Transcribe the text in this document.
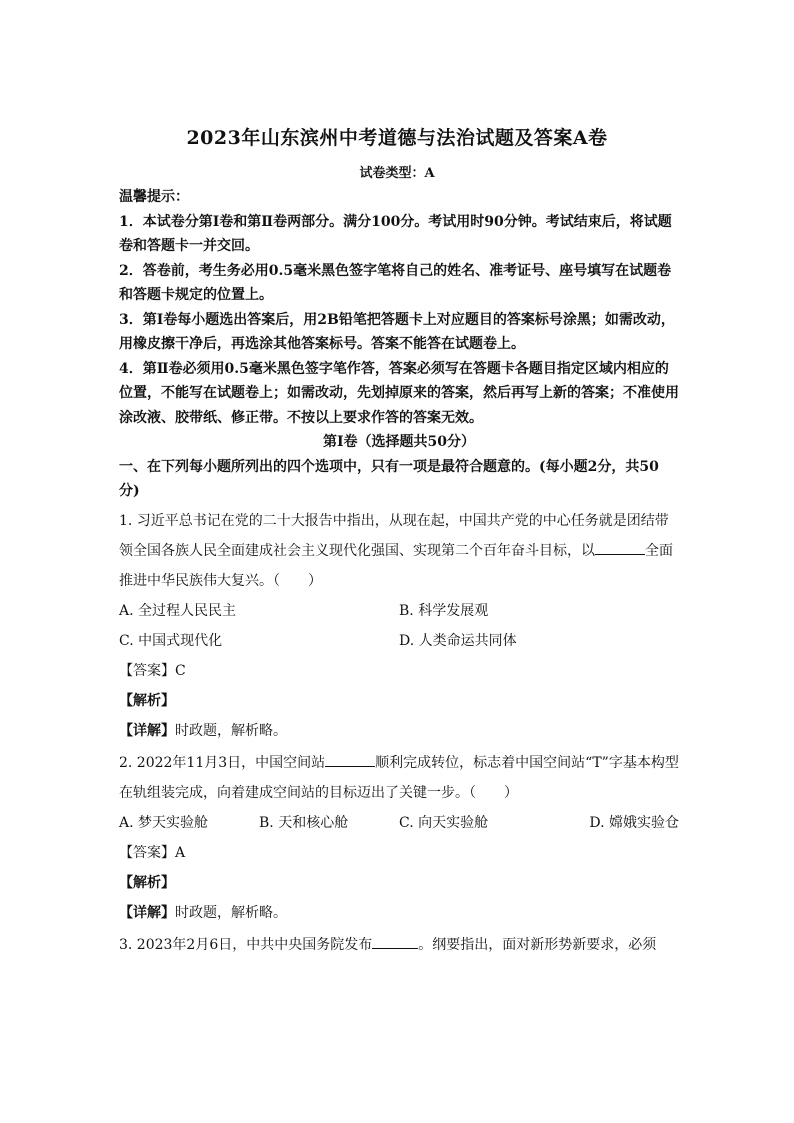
2023年山东滨州中考道德与法治试题及答案A卷
试卷类型：A
温馨提示：
1．本试卷分第Ⅰ卷和第Ⅱ卷两部分。满分100分。考试用时90分钟。考试结束后，将试题卷和答题卡一并交回。
2．答卷前，考生务必用0.5毫米黑色签字笔将自己的姓名、准考证号、座号填写在试题卷和答题卡规定的位置上。
3．第Ⅰ卷每小题选出答案后，用2B铅笔把答题卡上对应题目的答案标号涂黑；如需改动，用橡皮擦干净后，再选涂其他答案标号。答案不能答在试题卷上。
4．第Ⅱ卷必须用0.5毫米黑色签字笔作答，答案必须写在答题卡各题目指定区域内相应的位置，不能写在试题卷上；如需改动，先划掉原来的答案，然后再写上新的答案；不准使用涂改液、胶带纸、修正带。不按以上要求作答的答案无效。
第Ⅰ卷（选择题共50分）
一、在下列每小题所列出的四个选项中，只有一项是最符合题意的。(每小题2分，共50分)
1. 习近平总书记在党的二十大报告中指出，从现在起，中国共产党的中心任务就是团结带领全国各族人民全面建成社会主义现代化强国、实现第二个百年奋斗目标，以	全面推进中华民族伟大复兴。（　　）
A. 全过程人民民主	B. 科学发展观
C. 中国式现代化	D. 人类命运共同体
【答案】C
【解析】
【详解】时政题，解析略。
2. 2022年11月3日，中国空间站	顺利完成转位，标志着中国空间站“T”字基本构型在轨组装完成，向着建成空间站的目标迈出了关键一步。（　　）
A. 梦天实验舱	B. 天和核心舱	C. 向天实验舱	D. 嫦娥实验仓
【答案】A
【解析】
【详解】时政题，解析略。
3. 2023年2月6日，中共中央国务院发布	。纲要指出，面对新形势新要求，必须
